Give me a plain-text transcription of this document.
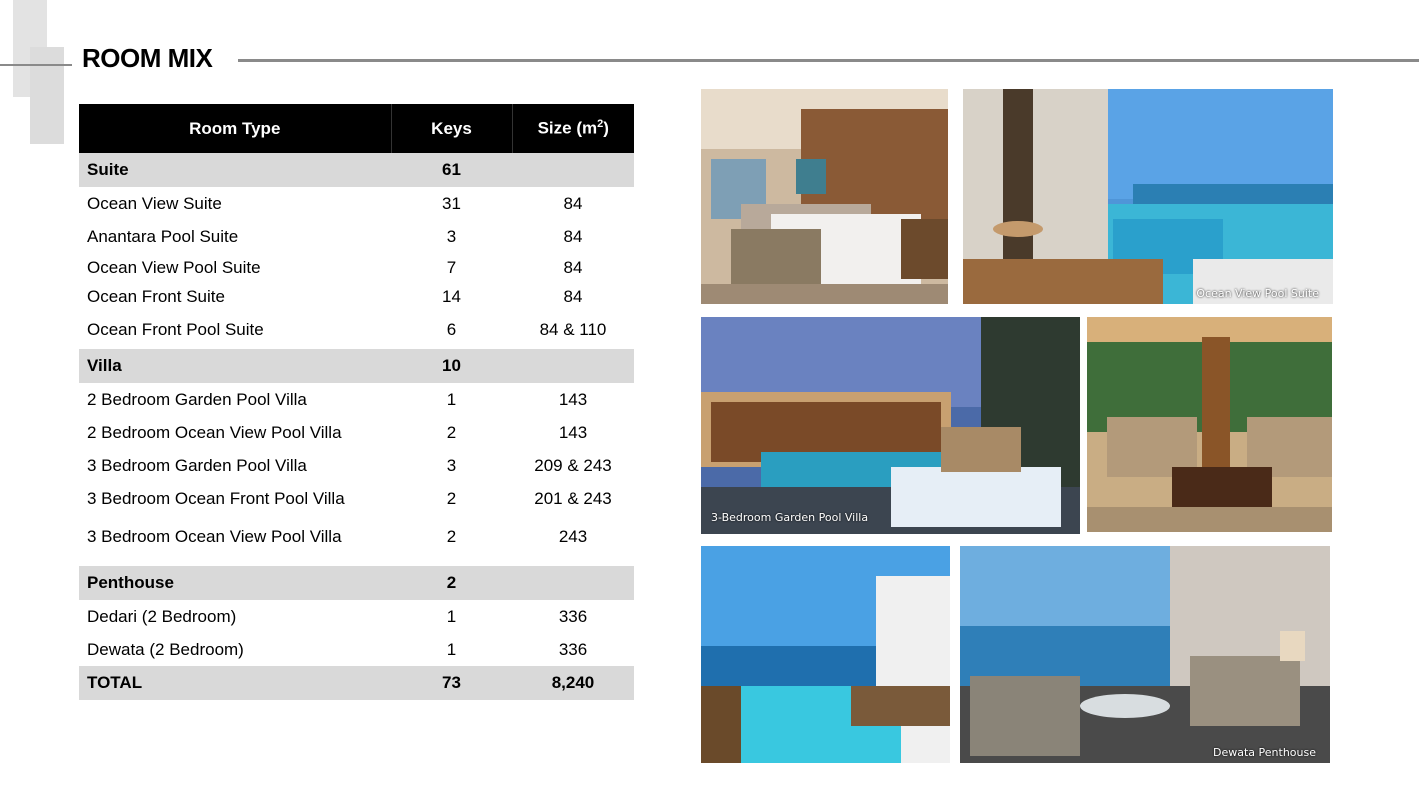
ROOM MIX
Room Type	Keys	Size $(m^2)$
Suite	61	
Ocean View Suite	31	84
Anantara Pool Suite	3	84
Ocean View Pool Suite	7	84
Ocean Front Suite	14	84
Ocean Front Pool Suite	6	84 & 110
Villa	10	
2 Bedroom Garden Pool Villa	1	143
2 Bedroom Ocean View Pool Villa	2	143
3 Bedroom Garden Pool Villa	3	209 & 243
3 Bedroom Ocean Front Pool Villa	2	201 & 243
3 Bedroom Ocean View Pool Villa	2	243

Penthouse	2	
Dedari (2 Bedroom)	1	336
Dewata (2 Bedroom)	1	336
TOTAL	73	8,240
Ocean View Pool Suite
3-Bedroom Garden Pool Villa
Dewata Penthouse
